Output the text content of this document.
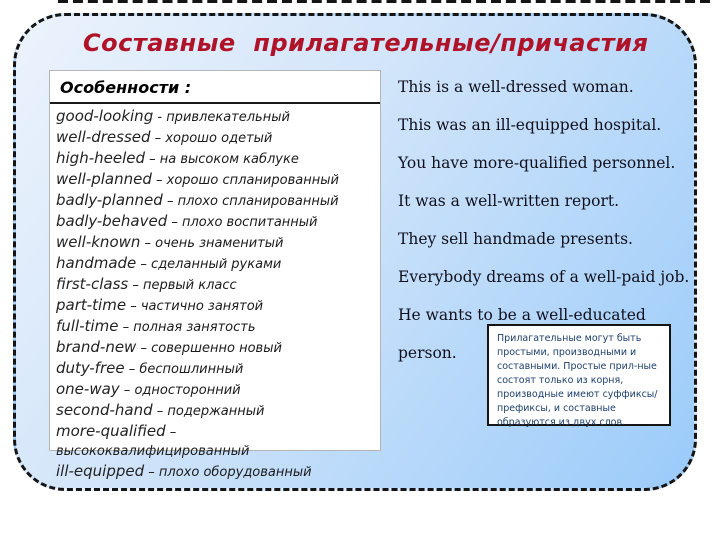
Составные  прилагательные/причастия
Особенности :
good-looking - привлекательный
well-dressed – хорошо одетый
high-heeled – на высоком каблуке
well-planned – хорошо спланированный
badly-planned – плохо спланированный
badly-behaved – плохо воспитанный
well-known – очень знаменитый
handmade – сделанный руками
first-class – первый класс
part-time – частично занятой
full-time – полная занятость
brand-new – совершенно новый
duty-free – беспошлинный
one-way – односторонний
second-hand – подержанный
more-qualified –
высококвалифицированный
ill-equipped – плохо оборудованный
This is a well-dressed woman.
This was an ill-equipped hospital.
You have more-qualified personnel.
It was a well-written report.
They sell handmade presents.
Everybody dreams of a well-paid job.
He wants to be a well-educated
person.
Прилагательные могут быть простыми, производными и составными. Простые прил-ные состоят только из корня, производные имеют суффиксы/ префиксы, и составные образуются из двух слов.
